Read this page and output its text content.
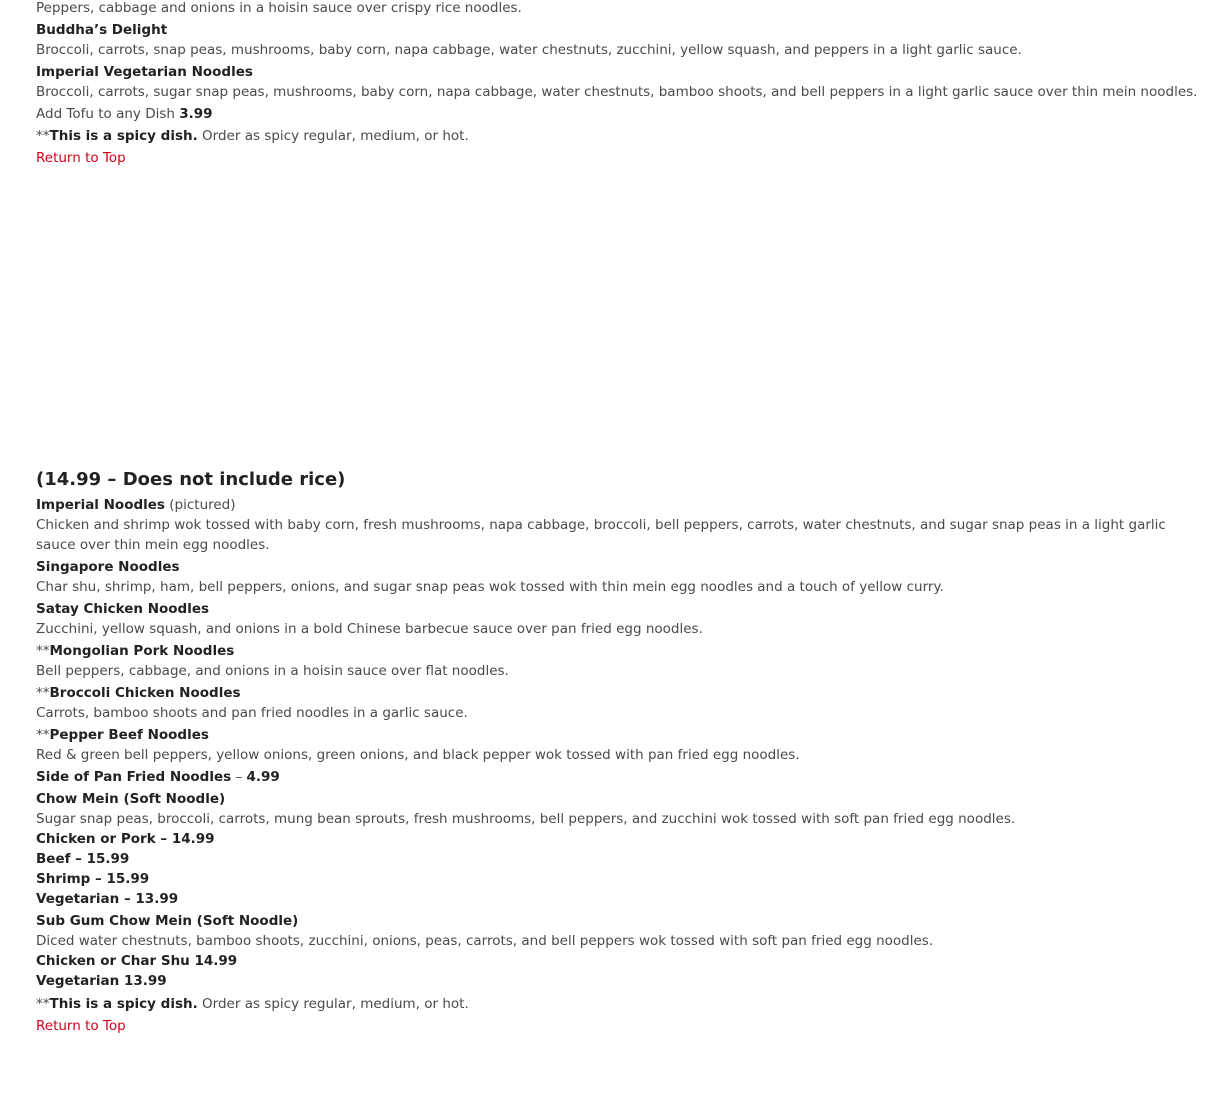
Peppers, cabbage and onions in a hoisin sauce over crispy rice noodles.
Buddha’s Delight
Broccoli, carrots, snap peas, mushrooms, baby corn, napa cabbage, water chestnuts, zucchini, yellow squash, and peppers in a light garlic sauce.
Imperial Vegetarian Noodles
Broccoli, carrots, sugar snap peas, mushrooms, baby corn, napa cabbage, water chestnuts, bamboo shoots, and bell peppers in a light garlic sauce over thin mein noodles.
Add Tofu to any Dish 3.99
**This is a spicy dish. Order as spicy regular, medium, or hot.
Return to Top
(14.99 – Does not include rice)
Imperial Noodles (pictured)
Chicken and shrimp wok tossed with baby corn, fresh mushrooms, napa cabbage, broccoli, bell peppers, carrots, water chestnuts, and sugar snap peas in a light garlic sauce over thin mein egg noodles.
Singapore Noodles
Char shu, shrimp, ham, bell peppers, onions, and sugar snap peas wok tossed with thin mein egg noodles and a touch of yellow curry.
Satay Chicken Noodles
Zucchini, yellow squash, and onions in a bold Chinese barbecue sauce over pan fried egg noodles.
**Mongolian Pork Noodles
Bell peppers, cabbage, and onions in a hoisin sauce over flat noodles.
**Broccoli Chicken Noodles
Carrots, bamboo shoots and pan fried noodles in a garlic sauce.
**Pepper Beef Noodles
Red & green bell peppers, yellow onions, green onions, and black pepper wok tossed with pan fried egg noodles.
Side of Pan Fried Noodles – 4.99
Chow Mein (Soft Noodle)
Sugar snap peas, broccoli, carrots, mung bean sprouts, fresh mushrooms, bell peppers, and zucchini wok tossed with soft pan fried egg noodles.
Chicken or Pork – 14.99
Beef – 15.99
Shrimp – 15.99
Vegetarian – 13.99
Sub Gum Chow Mein (Soft Noodle)
Diced water chestnuts, bamboo shoots, zucchini, onions, peas, carrots, and bell peppers wok tossed with soft pan fried egg noodles.
Chicken or Char Shu 14.99
Vegetarian 13.99
**This is a spicy dish. Order as spicy regular, medium, or hot.
Return to Top
